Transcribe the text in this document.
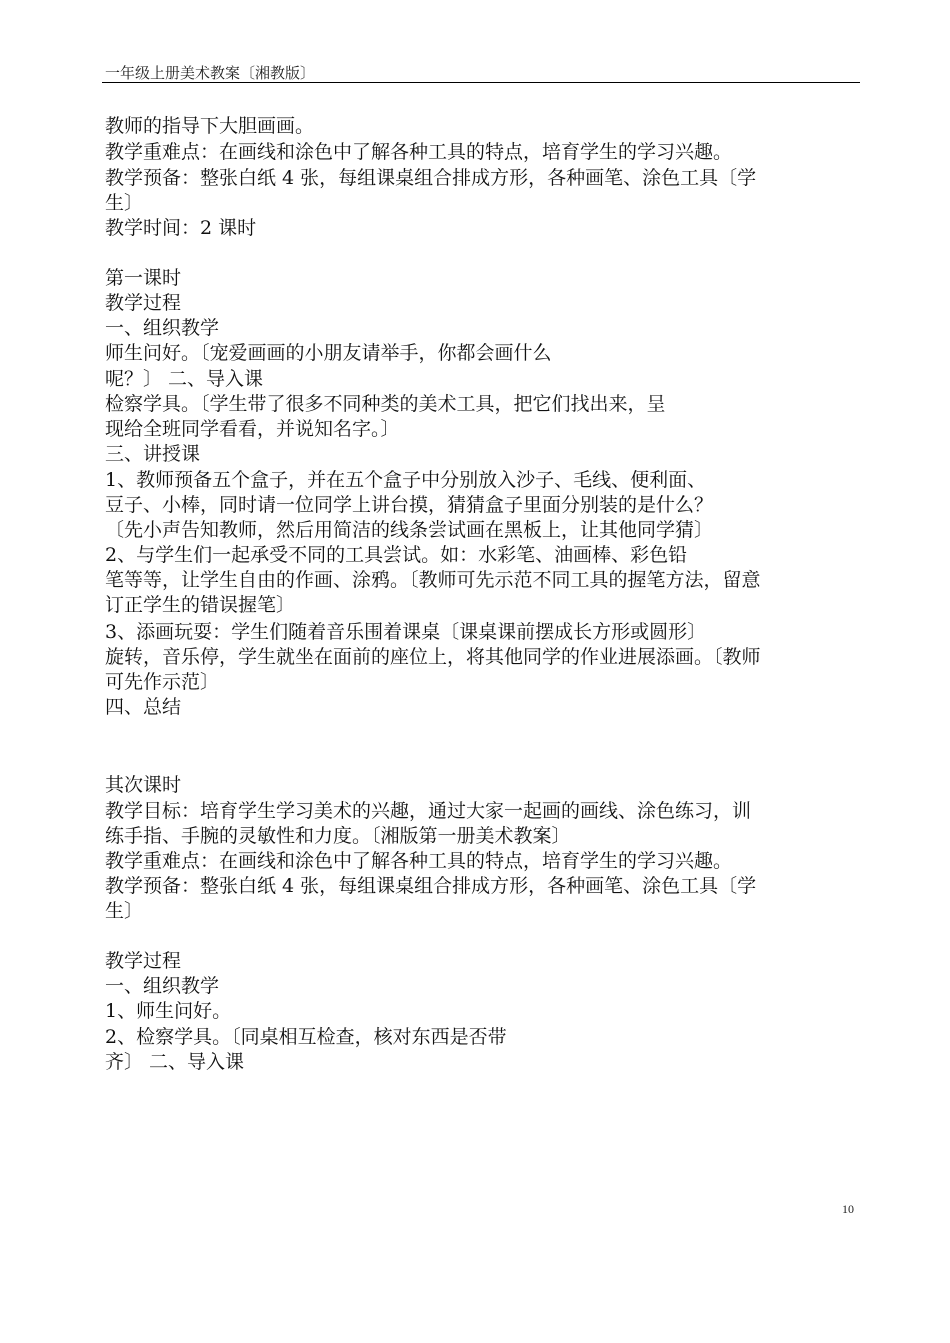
一年级上册美术教案〔湘教版〕
教师的指导下大胆画画。
教学重难点：在画线和涂色中了解各种工具的特点，培育学生的学习兴趣。
教学预备：整张白纸 4 张，每组课桌组合排成方形，各种画笔、涂色工具〔学
生〕
教学时间：2 课时
第一课时
教学过程
一、组织教学
师生问好。〔宠爱画画的小朋友请举手，你都会画什么
呢？〕 二、导入课
检察学具。〔学生带了很多不同种类的美术工具，把它们找出来，呈
现给全班同学看看，并说知名字。〕
三、讲授课
1、教师预备五个盒子，并在五个盒子中分别放入沙子、毛线、便利面、
豆子、小棒，同时请一位同学上讲台摸，猜猜盒子里面分别装的是什么？
〔先小声告知教师，然后用简洁的线条尝试画在黑板上，让其他同学猜〕
2、与学生们一起承受不同的工具尝试。如：水彩笔、油画棒、彩色铅
笔等等，让学生自由的作画、涂鸦。〔教师可先示范不同工具的握笔方法，留意
订正学生的错误握笔〕
3、添画玩耍：学生们随着音乐围着课桌〔课桌课前摆成长方形或圆形〕
旋转，音乐停，学生就坐在面前的座位上，将其他同学的作业进展添画。〔教师
可先作示范〕
四、总结
其次课时
教学目标：培育学生学习美术的兴趣，通过大家一起画的画线、涂色练习，训
练手指、手腕的灵敏性和力度。〔湘版第一册美术教案〕
教学重难点：在画线和涂色中了解各种工具的特点，培育学生的学习兴趣。
教学预备：整张白纸 4 张，每组课桌组合排成方形，各种画笔、涂色工具〔学
生〕
教学过程
一、组织教学
1、师生问好。
2、检察学具。〔同桌相互检查，核对东西是否带
齐〕 二、导入课
10
